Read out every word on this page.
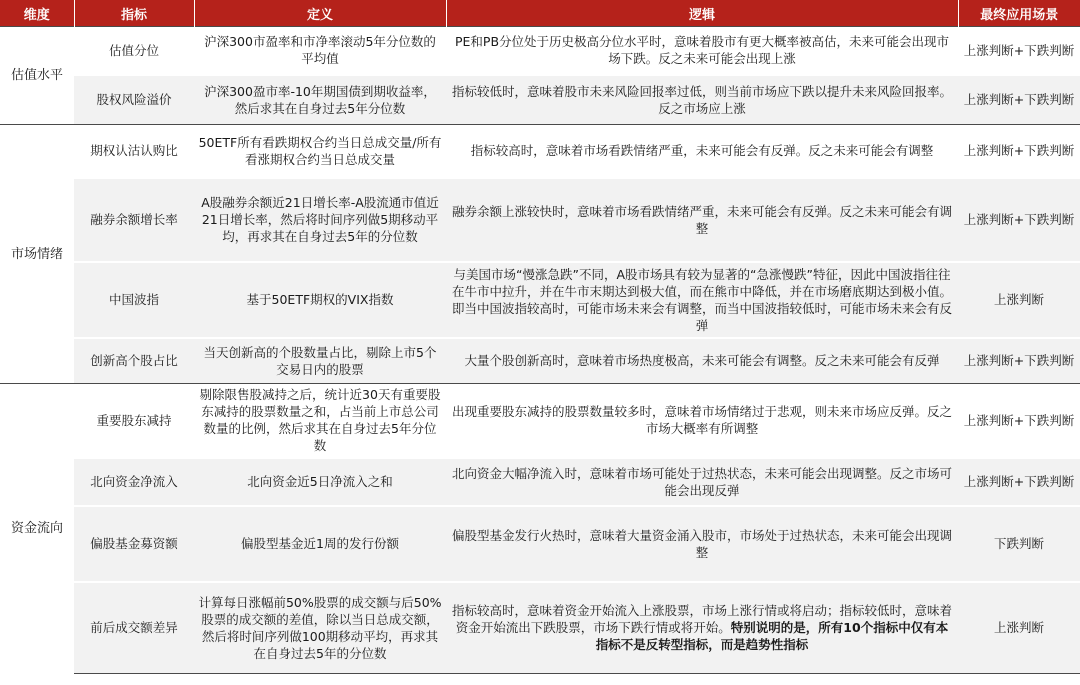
维度	指标	定义	逻辑	最终应用场景
估值水平	估值分位	沪深300市盈率和市净率滚动5年分位数的平均值	PE和PB分位处于历史极高分位水平时，意味着股市有更大概率被高估，未来可能会出现市场下跌。反之未来可能会出现上涨	上涨判断+下跌判断
	股权风险溢价	沪深300盈市率-10年期国债到期收益率，然后求其在自身过去5年分位数	指标较低时，意味着股市未来风险回报率过低，则当前市场应下跌以提升未来风险回报率。反之市场应上涨	上涨判断+下跌判断
市场情绪	期权认沽认购比	50ETF所有看跌期权合约当日总成交量/所有看涨期权合约当日总成交量	指标较高时，意味着市场看跌情绪严重，未来可能会有反弹。反之未来可能会有调整	上涨判断+下跌判断
	融券余额增长率	A股融券余额近21日增长率-A股流通市值近21日增长率，然后将时间序列做5期移动平均，再求其在自身过去5年的分位数	融券余额上涨较快时，意味着市场看跌情绪严重，未来可能会有反弹。反之未来可能会有调整	上涨判断+下跌判断
	中国波指	基于50ETF期权的VIX指数	与美国市场“慢涨急跌”不同，A股市场具有较为显著的“急涨慢跌”特征，因此中国波指往往在牛市中拉升，并在牛市末期达到极大值，而在熊市中降低，并在市场磨底期达到极小值。即当中国波指较高时，可能市场未来会有调整，而当中国波指较低时，可能市场未来会有反弹	上涨判断
	创新高个股占比	当天创新高的个股数量占比，剔除上市5个交易日内的股票	大量个股创新高时，意味着市场热度极高，未来可能会有调整。反之未来可能会有反弹	上涨判断+下跌判断
资金流向	重要股东减持	剔除限售股减持之后，统计近30天有重要股东减持的股票数量之和，占当前上市总公司数量的比例，然后求其在自身过去5年分位数	出现重要股东减持的股票数量较多时，意味着市场情绪过于悲观，则未来市场应反弹。反之市场大概率有所调整	上涨判断+下跌判断
	北向资金净流入	北向资金近5日净流入之和	北向资金大幅净流入时，意味着市场可能处于过热状态，未来可能会出现调整。反之市场可能会出现反弹	上涨判断+下跌判断
	偏股基金募资额	偏股型基金近1周的发行份额	偏股型基金发行火热时，意味着大量资金涌入股市，市场处于过热状态，未来可能会出现调整	下跌判断
	前后成交额差异	计算每日涨幅前50%股票的成交额与后50%股票的成交额的差值，除以当日总成交额，然后将时间序列做100期移动平均，再求其在自身过去5年的分位数	指标较高时，意味着资金开始流入上涨股票，市场上涨行情或将启动；指标较低时，意味着资金开始流出下跌股票，市场下跌行情或将开始。特别说明的是，所有10个指标中仅有本指标不是反转型指标，而是趋势性指标	上涨判断
